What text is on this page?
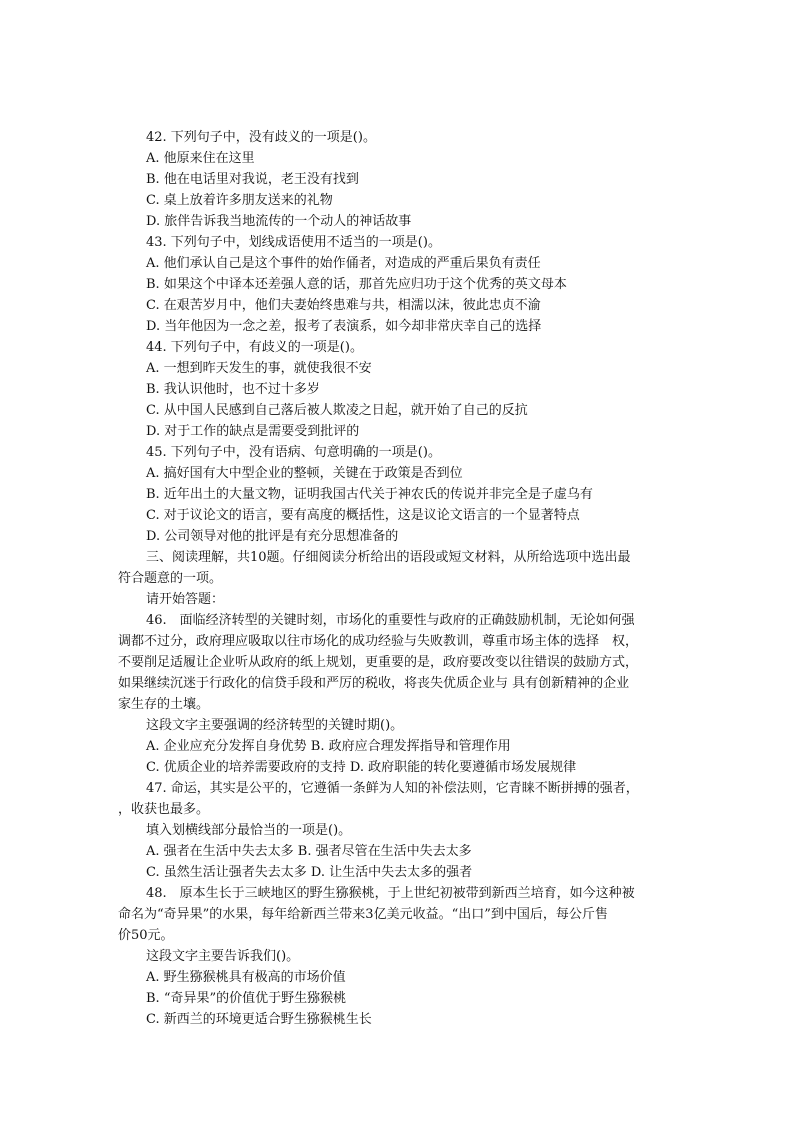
42. 下列句子中，没有歧义的一项是()。
A. 他原来住在这里
B. 他在电话里对我说，老王没有找到
C. 桌上放着许多朋友送来的礼物
D. 旅伴告诉我当地流传的一个动人的神话故事
43. 下列句子中，划线成语使用不适当的一项是()。
A. 他们承认自己是这个事件的始作俑者，对造成的严重后果负有责任
B. 如果这个中译本还差强人意的话，那首先应归功于这个优秀的英文母本
C. 在艰苦岁月中，他们夫妻始终患难与共，相濡以沫，彼此忠贞不渝
D. 当年他因为一念之差，报考了表演系，如今却非常庆幸自己的选择
44. 下列句子中，有歧义的一项是()。
A. 一想到昨天发生的事，就使我很不安
B. 我认识他时，也不过十多岁
C. 从中国人民感到自己落后被人欺凌之日起，就开始了自己的反抗
D. 对于工作的缺点是需要受到批评的
45. 下列句子中，没有语病、句意明确的一项是()。
A. 搞好国有大中型企业的整顿，关键在于政策是否到位
B. 近年出土的大量文物，证明我国古代关于神农氏的传说并非完全是子虚乌有
C. 对于议论文的语言，要有高度的概括性，这是议论文语言的一个显著特点
D. 公司领导对他的批评是有充分思想准备的
三、阅读理解，共10题。仔细阅读分析给出的语段或短文材料，从所给选项中选出最
符合题意的一项。
请开始答题：
46.　面临经济转型的关键时刻，市场化的重要性与政府的正确鼓励机制，无论如何强
调都不过分，政府理应吸取以往市场化的成功经验与失败教训，尊重市场主体的选择　权，
不要削足适履让企业听从政府的纸上规划，更重要的是，政府要改变以往错误的鼓励方式，
如果继续沉迷于行政化的信贷手段和严厉的税收，将丧失优质企业与 具有创新精神的企业
家生存的土壤。
这段文字主要强调的经济转型的关键时期()。
A. 企业应充分发挥自身优势 B. 政府应合理发挥指导和管理作用
C. 优质企业的培养需要政府的支持 D. 政府职能的转化要遵循市场发展规律
47. 命运，其实是公平的，它遵循一条鲜为人知的补偿法则，它青睐不断拼搏的强者，
，收获也最多。
填入划横线部分最恰当的一项是()。
A. 强者在生活中失去太多 B. 强者尽管在生活中失去太多
C. 虽然生活让强者失去太多 D. 让生活中失去太多的强者
48.　原本生长于三峡地区的野生猕猴桃，于上世纪初被带到新西兰培育，如今这种被
命名为“奇异果”的水果，每年给新西兰带来3亿美元收益。“出口”到中国后，每公斤售
价50元。
这段文字主要告诉我们()。
A. 野生猕猴桃具有极高的市场价值
B. “奇异果”的价值优于野生猕猴桃
C. 新西兰的环境更适合野生猕猴桃生长
